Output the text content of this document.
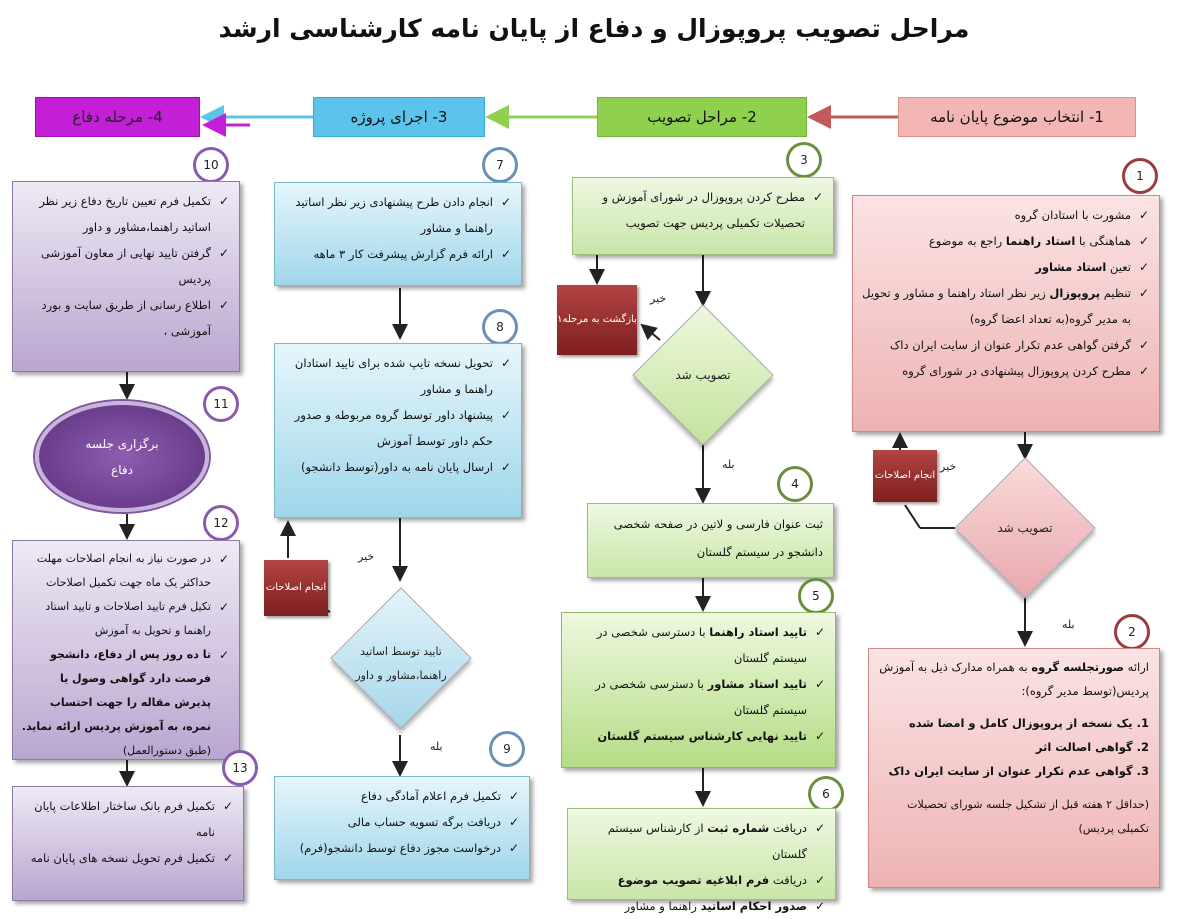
مراحل تصویب پروپوزال و دفاع از پایان نامه کارشناسی ارشد
1- انتخاب موضوع پایان نامه
2- مراحل تصویب
3- اجرای پروژه
4- مرحله دفاع
1
✓ مشورت با استادان گروه
✓ هماهنگی با استاد راهنما راجع به موضوع
✓ تعین استاد مشاور
✓ تنظیم پروپوزال زیر نظر استاد راهنما و مشاور و تحویل به مدیر گروه(به تعداد اعضا گروه)
✓ گرفتن گواهی عدم تکرار عنوان از سایت ایران داک
✓ مطرح کردن پروپوزال پیشنهادی در شورای گروه
تصویب شد
خیر
بله
انجام اصلاحات
2
ارائه صورتجلسه گروه به همراه مدارک ذیل به آموزش پردیس(توسط مدیر گروه):
1. یک نسخه از پروپوزال کامل و امضا شده
2. گواهی اصالت اثر
3. گواهی عدم تکرار عنوان از سایت ایران داک
(حداقل ۲ هفته قبل از تشکیل جلسه شورای تحصیلات تکمیلی پردیس)
3
✓ مطرح کردن پروپوزال در شورای آموزش و تحصیلات تکمیلی پردیس جهت تصویب
بازگشت به مرحله۱
خیر
تصویب شد
بله
4
ثبت عنوان فارسی و لاتین در صفحه شخصی دانشجو در سیستم گلستان
5
✓ تایید استاد راهنما با دسترسی شخصی در سیستم گلستان
✓ تایید استاد مشاور با دسترسی شخصی در سیستم گلستان
✓ تایید نهایی کارشناس سیستم گلستان
6
✓ دریافت شماره ثبت از کارشناس سیستم گلستان
✓ دریافت فرم ابلاغیه تصویب موضوع
✓ صدور احکام اساتید راهنما و مشاور
7
✓ انجام دادن طرح پیشنهادی زیر نظر اساتید راهنما و مشاور
✓ ارائه فرم گزارش پیشرفت کار ۳ ماهه
8
✓ تحویل نسخه تایپ شده برای تایید استادان راهنما و مشاور
✓ پیشنهاد داور توسط گروه مربوطه و صدور حکم داور توسط آموزش
✓ ارسال پایان نامه به داور(توسط دانشجو)
انجام اصلاحات
خیر
تایید توسط اساتید راهنما،مشاور و داور
بله	9
✓ تکمیل فرم اعلام آمادگی دفاع
✓ دریافت برگه تسویه حساب مالی
✓ درخواست مجوز دفاع توسط دانشجو(فرم)
10
✓ تکمیل فرم تعیین تاریخ دفاع زیر نظر اساتید راهنما،مشاور و داور
✓ گرفتن تایید نهایی از معاون آموزشی پردیس
✓ اطلاع رسانی از طریق سایت و بورد آموزشی ،
11
برگزاری جلسه دفاع
12
✓ در صورت نیاز به انجام اصلاحات مهلت حداکثر یک ماه جهت تکمیل اصلاحات
✓ تکیل فرم تایید اصلاحات و تایید استاد راهنما و تحویل به آموزش
✓ تا ده روز پس از دفاع، دانشجو فرصت دارد گواهی وصول یا پذیرش مقاله را جهت احتساب نمره، به آموزش پردیس ارائه نماید.(طبق دستورالعمل)
13
✓ تکمیل فرم بانک ساختار اطلاعات پایان نامه
✓ تکمیل فرم تحویل نسخه های پایان نامه
